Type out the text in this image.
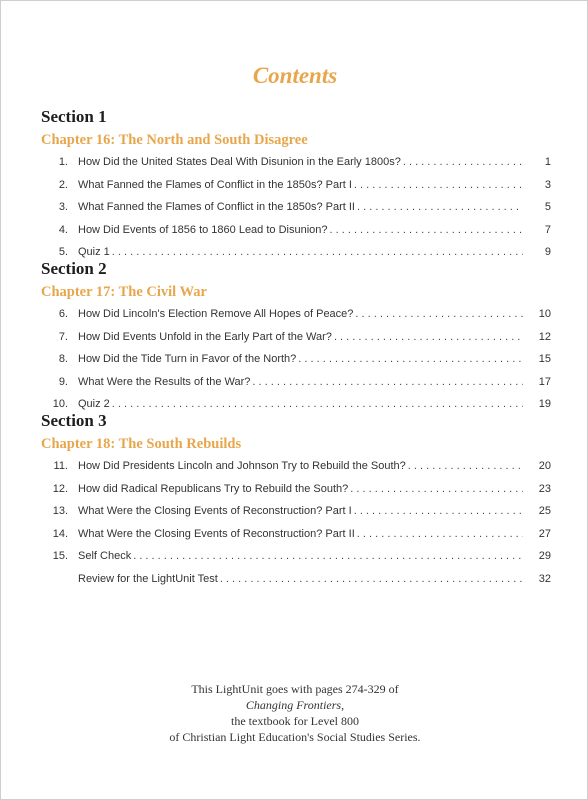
Contents
Section 1
Chapter 16: The North and South Disagree
1. How Did the United States Deal With Disunion in the Early 1800s? . . .	1
2. What Fanned the Flames of Conflict in the 1850s? Part I . . .	3
3. What Fanned the Flames of Conflict in the 1850s? Part II . . .	5
4. How Did Events of 1856 to 1860 Lead to Disunion? . . .	7
5. Quiz 1 . . .	9
Section 2
Chapter 17: The Civil War
6. How Did Lincoln's Election Remove All Hopes of Peace? . . .	10
7. How Did Events Unfold in the Early Part of the War? . . .	12
8. How Did the Tide Turn in Favor of the North? . . .	15
9. What Were the Results of the War? . . .	17
10. Quiz 2 . . .	19
Section 3
Chapter 18: The South Rebuilds
11. How Did Presidents Lincoln and Johnson Try to Rebuild the South? . . .	20
12. How did Radical Republicans Try to Rebuild the South? . . .	23
13. What Were the Closing Events of Reconstruction? Part I . . .	25
14. What Were the Closing Events of Reconstruction? Part II . . .	27
15. Self Check . . .	29
Review for the LightUnit Test . . .	32
This LightUnit goes with pages 274-329 of
Changing Frontiers,
the textbook for Level 800
of Christian Light Education's Social Studies Series.
